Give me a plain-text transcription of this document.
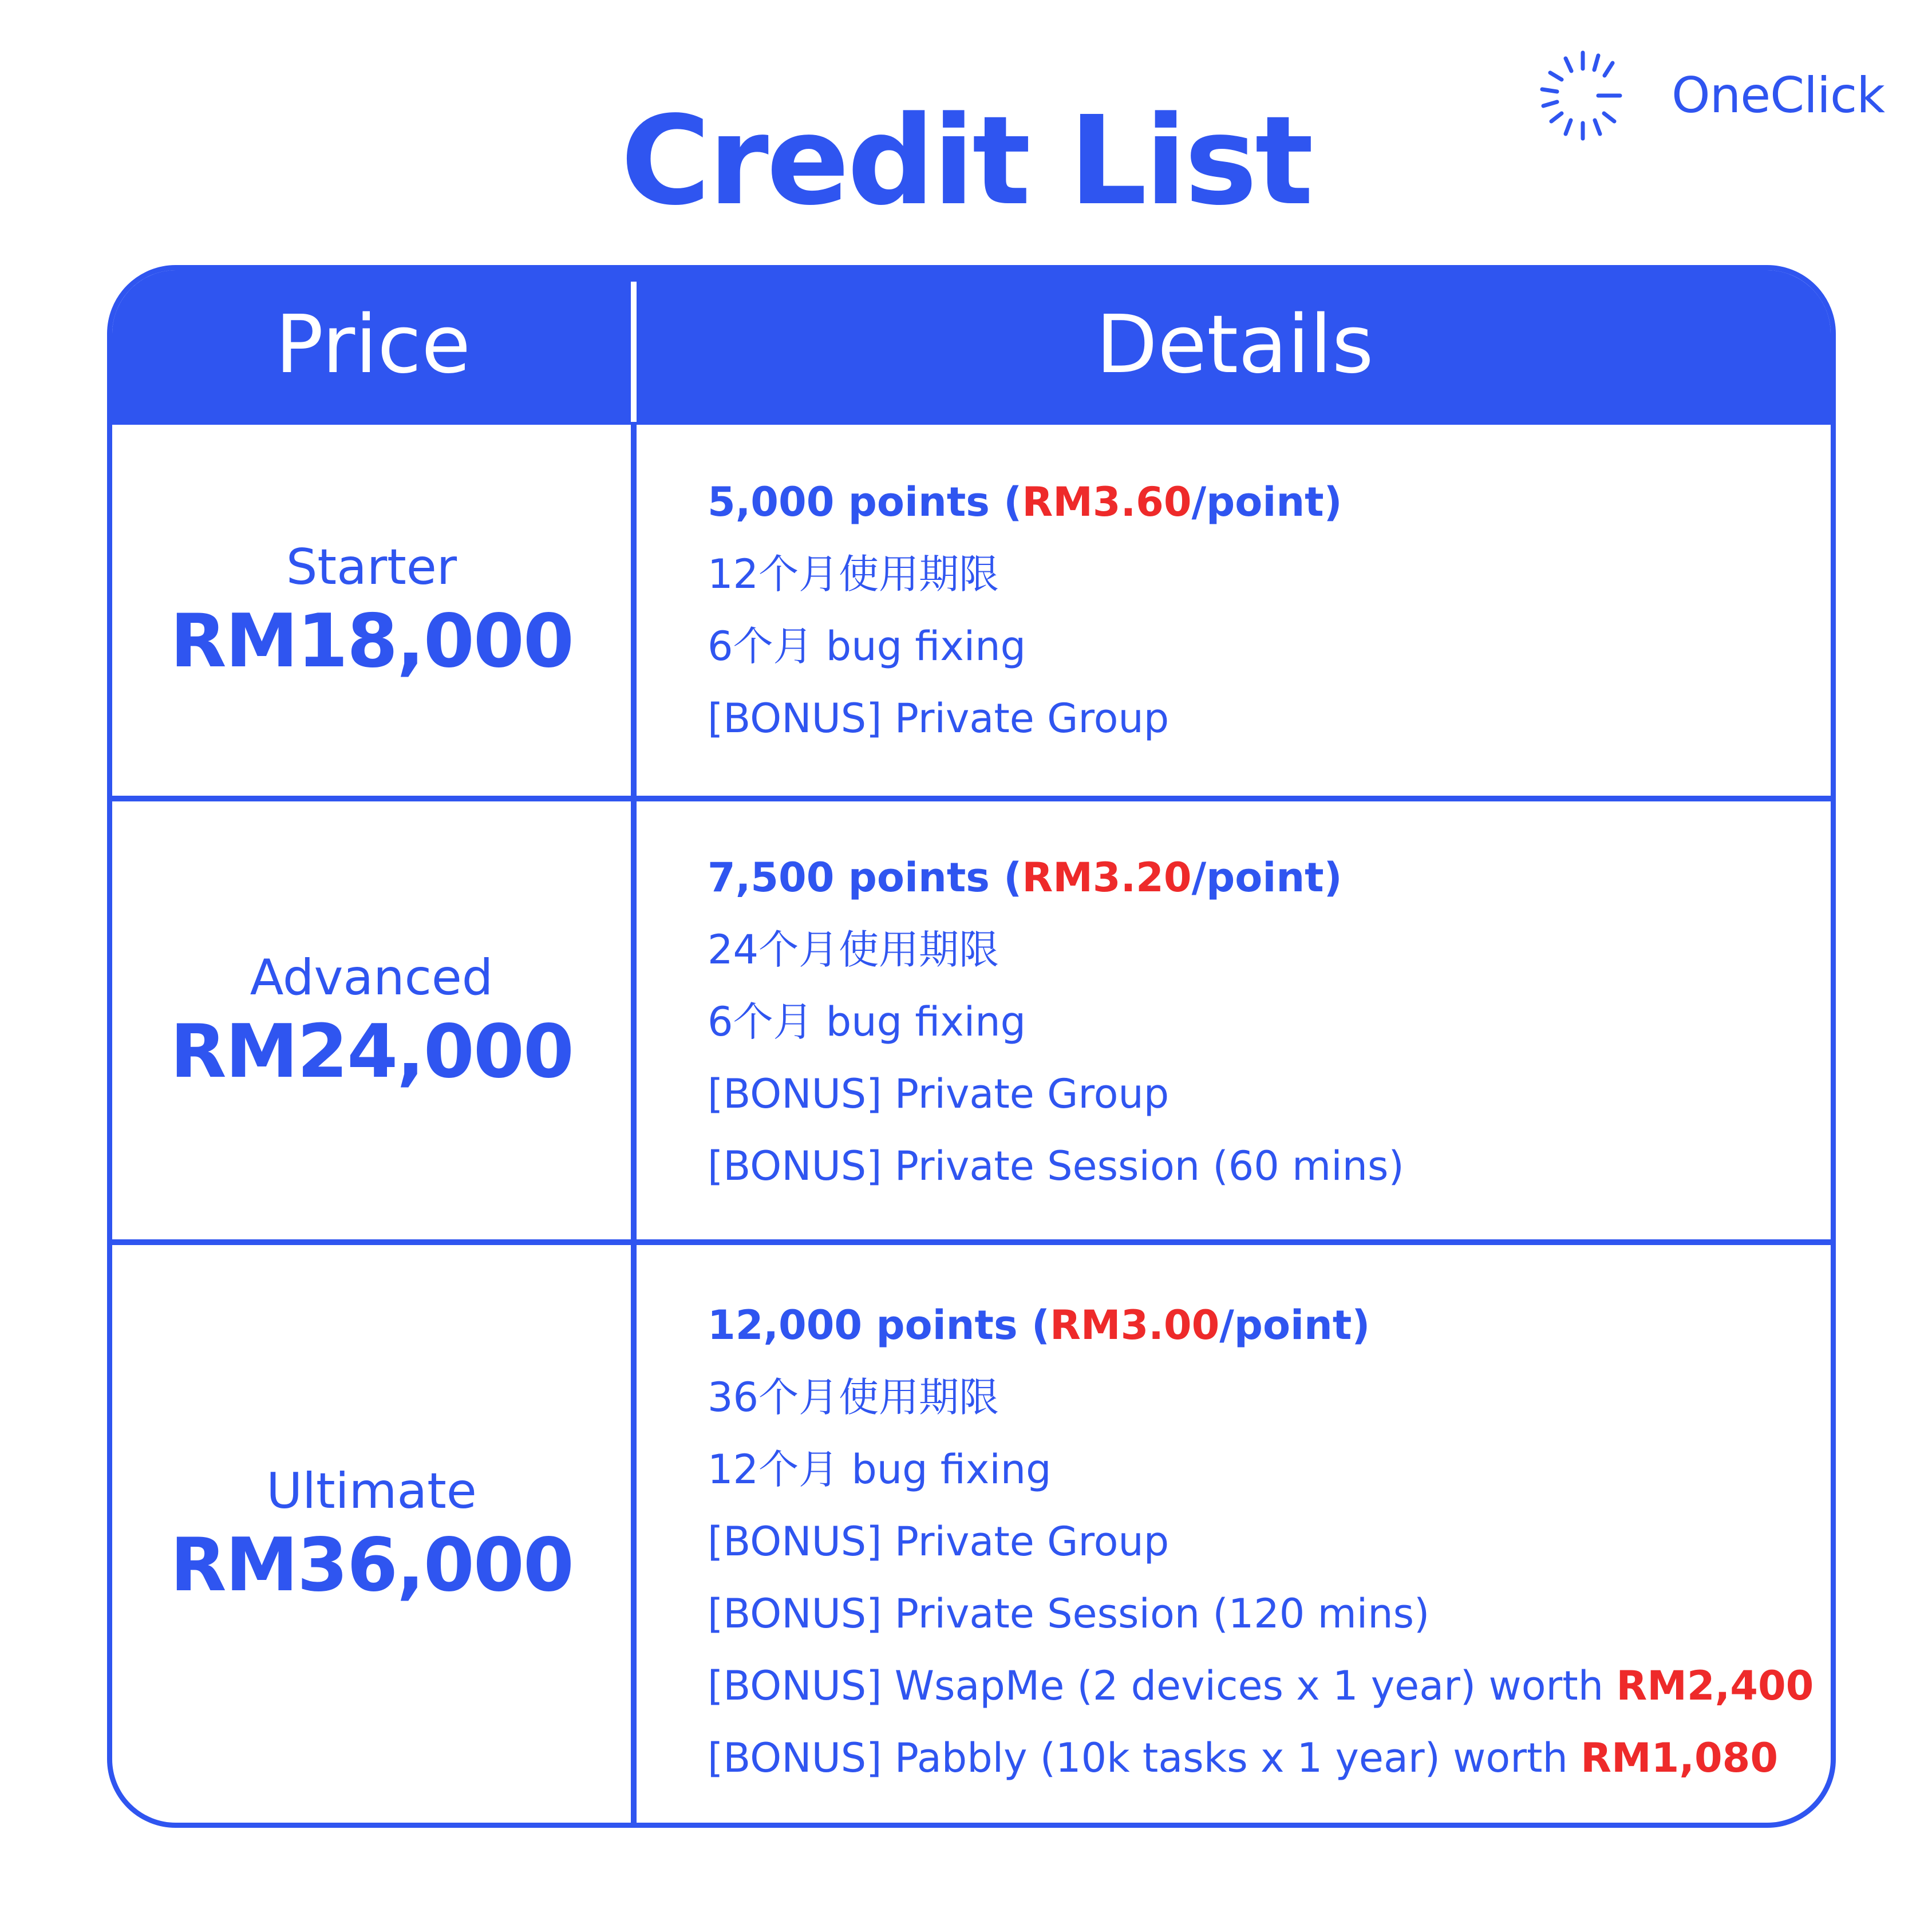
OneClick
Credit List
Price	Details
Starter
RM18,000
5,000 points (RM3.60/point)
12个月使用期限
6个月 bug fixing
[BONUS] Private Group
Advanced
RM24,000
7,500 points (RM3.20/point)
24个月使用期限
6个月 bug fixing
[BONUS] Private Group
[BONUS] Private Session (60 mins)
Ultimate
RM36,000
12,000 points (RM3.00/point)
36个月使用期限
12个月 bug fixing
[BONUS] Private Group
[BONUS] Private Session (120 mins)
[BONUS] WsapMe (2 devices x 1 year) worth RM2,400
[BONUS] Pabbly (10k tasks x 1 year) worth RM1,080
